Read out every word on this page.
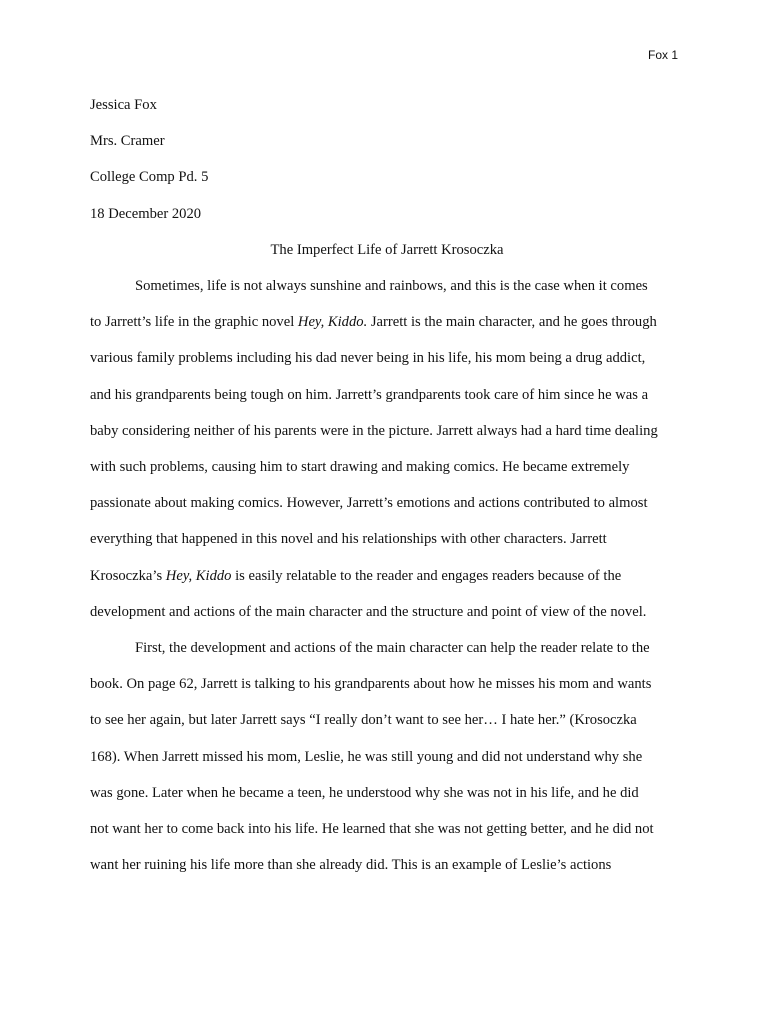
Fox 1
Jessica Fox
Mrs. Cramer
College Comp Pd. 5
18 December 2020
The Imperfect Life of Jarrett Krosoczka
Sometimes, life is not always sunshine and rainbows, and this is the case when it comes
to Jarrett’s life in the graphic novel Hey, Kiddo. Jarrett is the main character, and he goes through
various family problems including his dad never being in his life, his mom being a drug addict,
and his grandparents being tough on him. Jarrett’s grandparents took care of him since he was a
baby considering neither of his parents were in the picture. Jarrett always had a hard time dealing
with such problems, causing him to start drawing and making comics. He became extremely
passionate about making comics. However, Jarrett’s emotions and actions contributed to almost
everything that happened in this novel and his relationships with other characters. Jarrett
Krosoczka’s Hey, Kiddo is easily relatable to the reader and engages readers because of the
development and actions of the main character and the structure and point of view of the novel.
First, the development and actions of the main character can help the reader relate to the
book. On page 62, Jarrett is talking to his grandparents about how he misses his mom and wants
to see her again, but later Jarrett says “I really don’t want to see her… I hate her.” (Krosoczka
168). When Jarrett missed his mom, Leslie, he was still young and did not understand why she
was gone. Later when he became a teen, he understood why she was not in his life, and he did
not want her to come back into his life. He learned that she was not getting better, and he did not
want her ruining his life more than she already did. This is an example of Leslie’s actions
